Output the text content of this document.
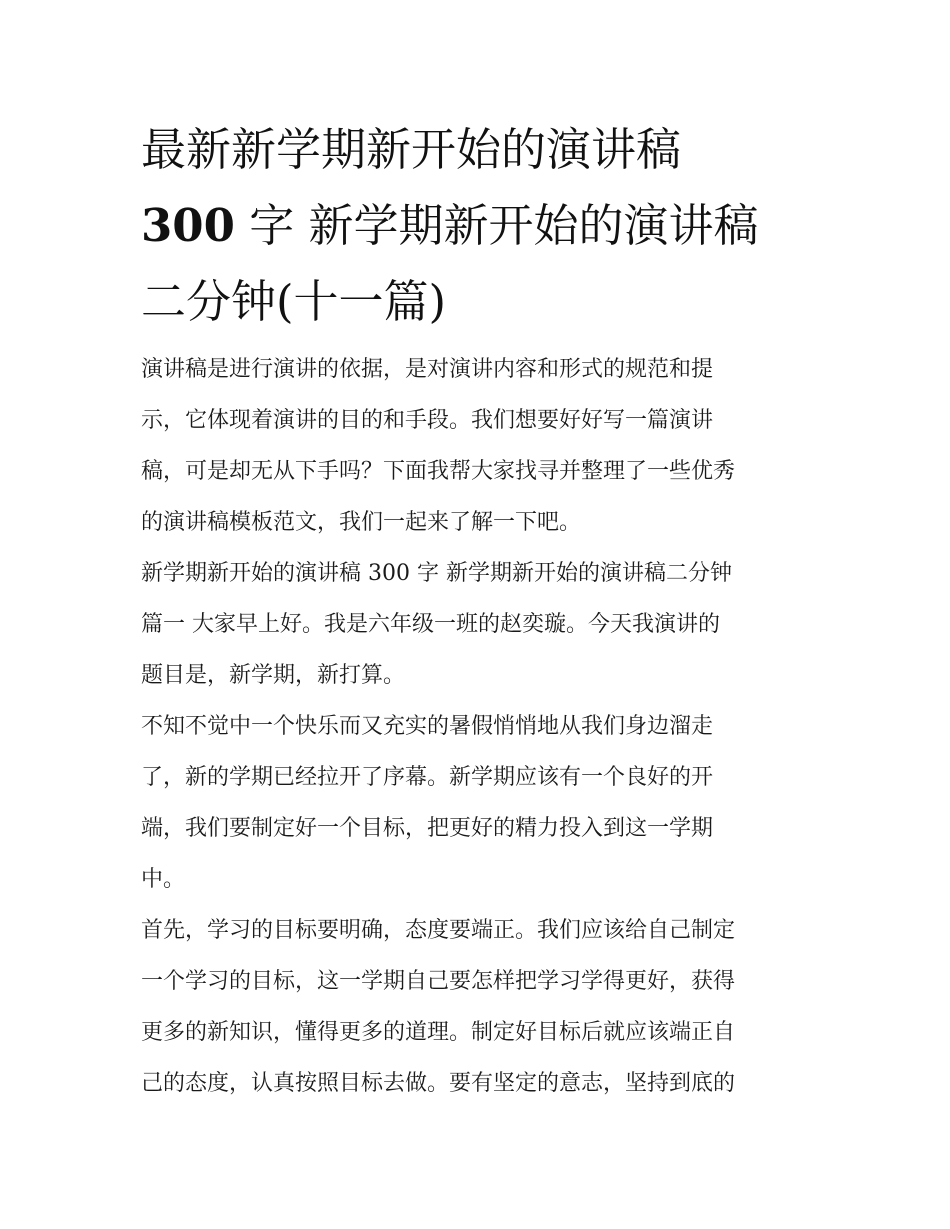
最新新学期新开始的演讲稿
300 字 新学期新开始的演讲稿
二分钟(十一篇)
演讲稿是进行演讲的依据，是对演讲内容和形式的规范和提
示，它体现着演讲的目的和手段。我们想要好好写一篇演讲
稿，可是却无从下手吗？下面我帮大家找寻并整理了一些优秀
的演讲稿模板范文，我们一起来了解一下吧。
新学期新开始的演讲稿 300 字 新学期新开始的演讲稿二分钟
篇一 大家早上好。我是六年级一班的赵奕璇。今天我演讲的
题目是，新学期，新打算。
不知不觉中一个快乐而又充实的暑假悄悄地从我们身边溜走
了，新的学期已经拉开了序幕。新学期应该有一个良好的开
端，我们要制定好一个目标，把更好的精力投入到这一学期
中。
首先，学习的目标要明确，态度要端正。我们应该给自己制定
一个学习的目标，这一学期自己要怎样把学习学得更好，获得
更多的新知识，懂得更多的道理。制定好目标后就应该端正自
己的态度，认真按照目标去做。要有坚定的意志，坚持到底的
